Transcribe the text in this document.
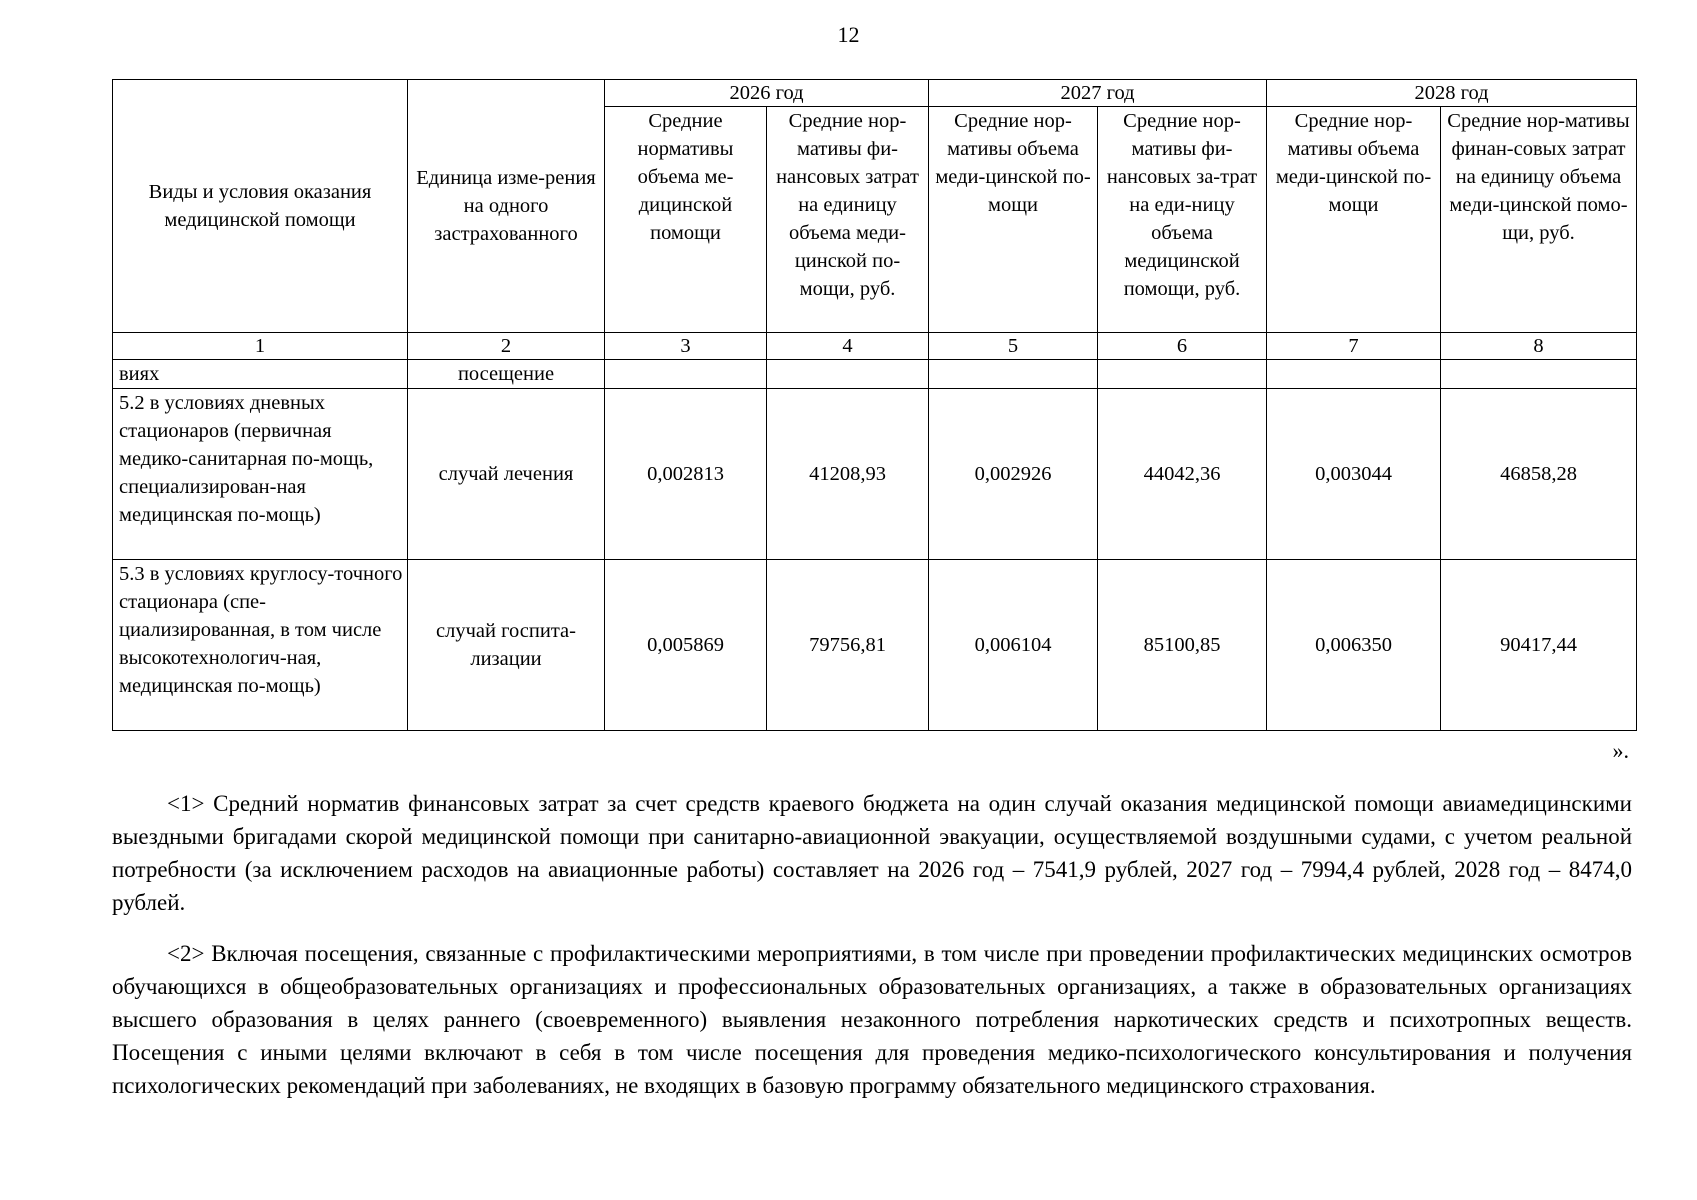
12
Виды и условия оказания медицинской помощи	Единица изме-рения на одного застрахованного	2026 год		2027 год		2028 год	
		Средние нормативы объема ме-дицинской помощи	Средние нор-мативы фи-нансовых затрат на единицу объема меди-цинской по-мощи, руб.	Средние нор-мативы объема меди-цинской по-мощи	Средние нор-мативы фи-нансовых за-трат на еди-ницу объема медицинской помощи, руб.	Средние нор-мативы объема меди-цинской по-мощи	Средние нор-мативы финан-совых затрат на единицу объема меди-цинской помо-щи, руб.
1	2	3	4	5	6	7	8
виях	посещение						
5.2 в условиях дневных стационаров (первичная медико-санитарная по-мощь, специализирован-ная медицинская по-мощь)	случай лечения	0,002813	41208,93	0,002926	44042,36	0,003044	46858,28
5.3 в условиях круглосу-точного стационара (спе-циализированная, в том числе высокотехнологич-ная, медицинская по-мощь)	случай госпита-лизации	0,005869	79756,81	0,006104	85100,85	0,006350	90417,44
».

<1> Средний норматив финансовых затрат за счет средств краевого бюджета на один случай оказания медицинской помощи авиамедицинскими выездными бригадами скорой медицинской помощи при санитарно-авиационной эвакуации, осуществляемой воздушными судами, с учетом реальной потребности (за исключением расходов на авиационные работы) составляет на 2026 год – 7541,9 рублей, 2027 год – 7994,4 рублей, 2028 год – 8474,0 рублей.

<2> Включая посещения, связанные с профилактическими мероприятиями, в том числе при проведении профилактических медицинских осмотров обучающихся в общеобразовательных организациях и профессиональных образовательных организациях, а также в образовательных организациях высшего образования в целях раннего (своевременного) выявления незаконного потребления наркотических средств и психотропных веществ. Посещения с иными целями включают в себя в том числе посещения для проведения медико-психологического консультирования и получения психологических рекомендаций при заболеваниях, не входящих в базовую программу обязательного медицинского страхования.
